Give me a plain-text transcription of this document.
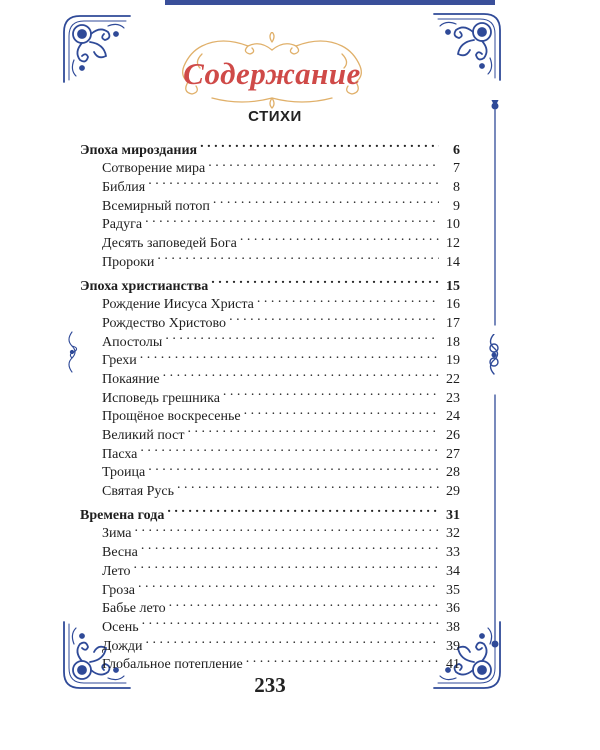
Содержание
СТИХИ
Эпоха мироздания . . .	6
Сотворение мира . . .	7
Библия . . .	8
Всемирный потоп . . .	9
Радуга . . .	10
Десять заповедей Бога . . .	12
Пророки . . .	14
Эпоха христианства . . .	15
Рождение Иисуса Христа . . .	16
Рождество Христово . . .	17
Апостолы . . .	18
Грехи . . .	19
Покаяние . . .	22
Исповедь грешника . . .	23
Прощёное воскресенье . . .	24
Великий пост . . .	26
Пасха . . .	27
Троица . . .	28
Святая Русь . . .	29
Времена года . . .	31
Зима . . .	32
Весна . . .	33
Лето . . .	34
Гроза . . .	35
Бабье лето . . .	36
Осень . . .	38
Дожди . . .	39
Глобальное потепление . . .	41
233
